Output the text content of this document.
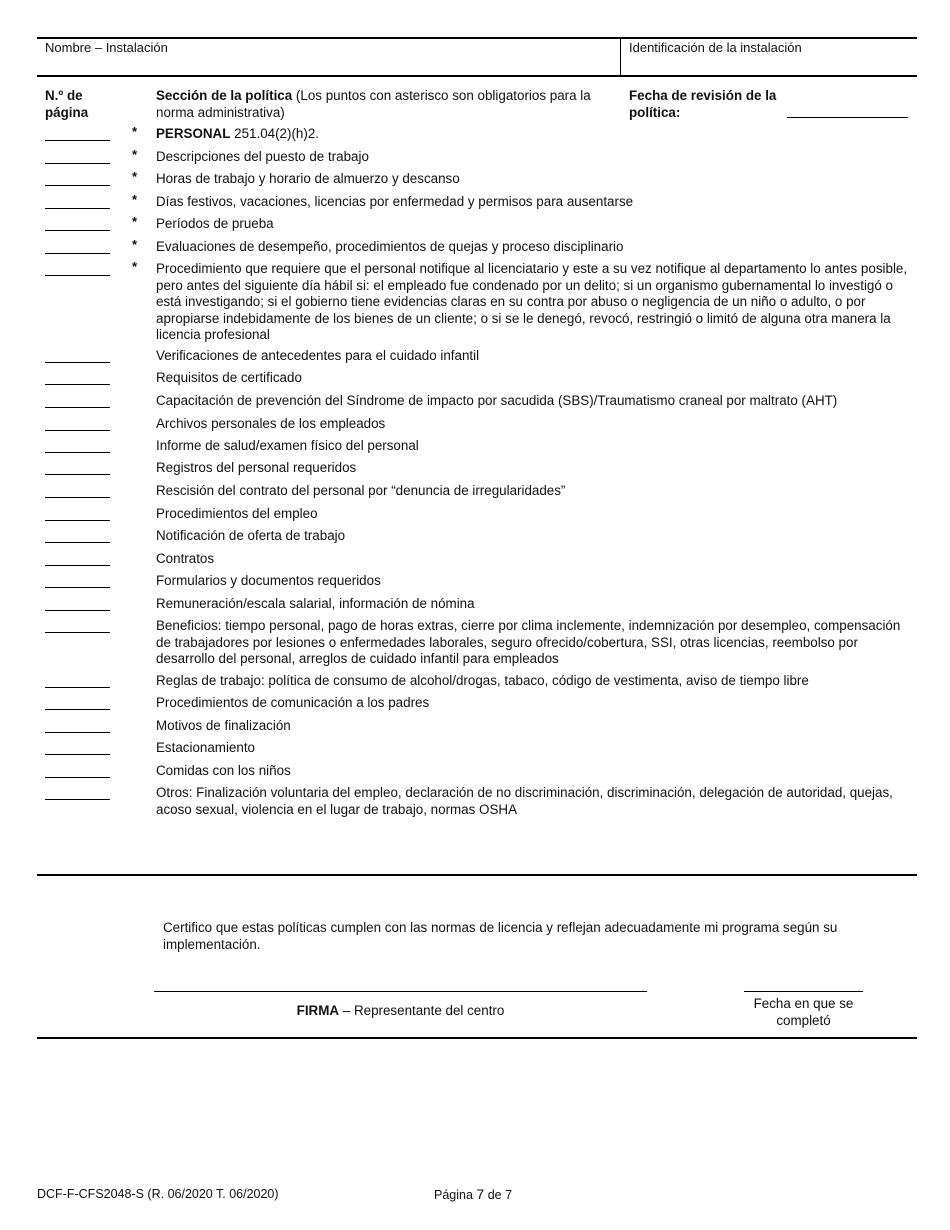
Nombre – Instalación	Identificación de la instalación
N.º de página
Sección de la política (Los puntos con asterisco son obligatorios para la norma administrativa)
Fecha de revisión de la política:
* PERSONAL 251.04(2)(h)2.
* Descripciones del puesto de trabajo
* Horas de trabajo y horario de almuerzo y descanso
* Días festivos, vacaciones, licencias por enfermedad y permisos para ausentarse
* Períodos de prueba
* Evaluaciones de desempeño, procedimientos de quejas y proceso disciplinario
* Procedimiento que requiere que el personal notifique al licenciatario y este a su vez notifique al departamento lo antes posible, pero antes del siguiente día hábil si: el empleado fue condenado por un delito; si un organismo gubernamental lo investigó o está investigando; si el gobierno tiene evidencias claras en su contra por abuso o negligencia de un niño o adulto, o por apropiarse indebidamente de los bienes de un cliente; o si se le denegó, revocó, restringió o limitó de alguna otra manera la licencia profesional
Verificaciones de antecedentes para el cuidado infantil
Requisitos de certificado
Capacitación de prevención del Síndrome de impacto por sacudida (SBS)/Traumatismo craneal por maltrato (AHT)
Archivos personales de los empleados
Informe de salud/examen físico del personal
Registros del personal requeridos
Rescisión del contrato del personal por “denuncia de irregularidades”
Procedimientos del empleo
Notificación de oferta de trabajo
Contratos
Formularios y documentos requeridos
Remuneración/escala salarial, información de nómina
Beneficios: tiempo personal, pago de horas extras, cierre por clima inclemente, indemnización por desempleo, compensación de trabajadores por lesiones o enfermedades laborales, seguro ofrecido/cobertura, SSI, otras licencias, reembolso por desarrollo del personal, arreglos de cuidado infantil para empleados
Reglas de trabajo: política de consumo de alcohol/drogas, tabaco, código de vestimenta, aviso de tiempo libre
Procedimientos de comunicación a los padres
Motivos de finalización
Estacionamiento
Comidas con los niños
Otros: Finalización voluntaria del empleo, declaración de no discriminación, discriminación, delegación de autoridad, quejas, acoso sexual, violencia en el lugar de trabajo, normas OSHA
Certifico que estas políticas cumplen con las normas de licencia y reflejan adecuadamente mi programa según su implementación.
FIRMA – Representante del centro	Fecha en que se completó
DCF-F-CFS2048-S (R. 06/2020 T. 06/2020)	Página 7 de 7
